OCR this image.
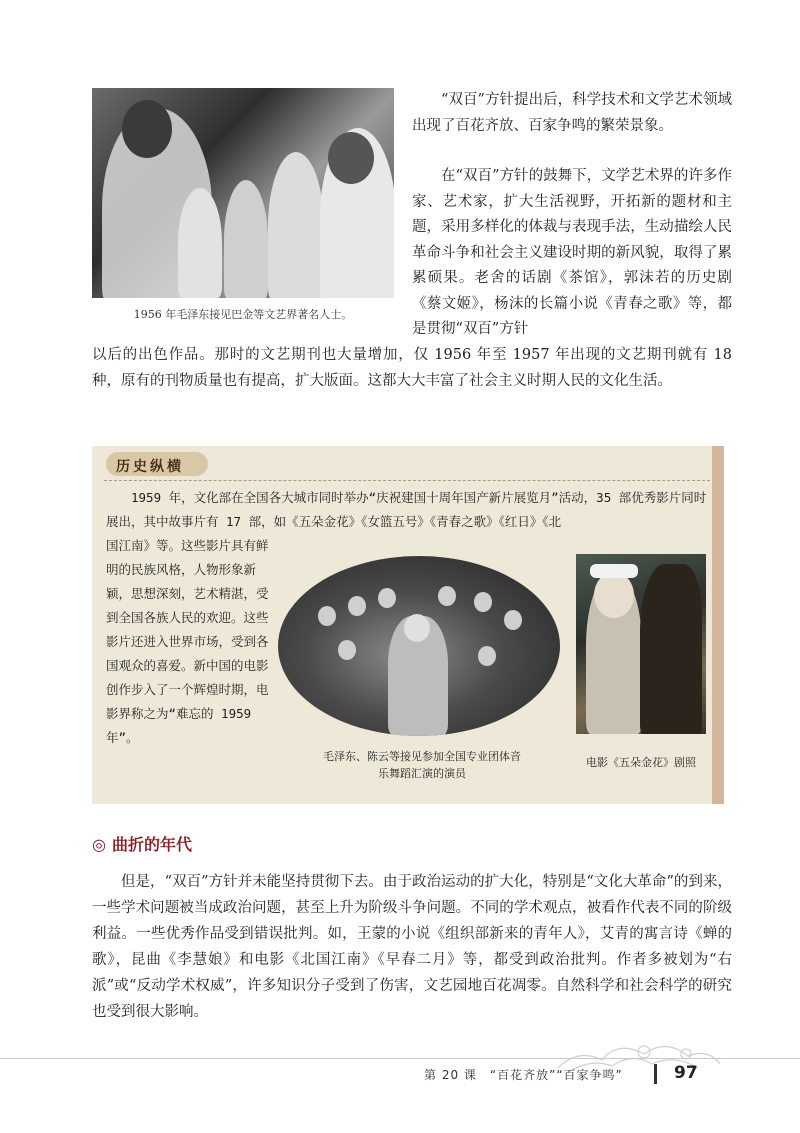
1956 年毛泽东接见巴金等文艺界著名人士。

“双百”方针提出后，科学技术和文学艺术领域出现了百花齐放、百家争鸣的繁荣景象。

在“双百”方针的鼓舞下，文学艺术界的许多作家、艺术家，扩大生活视野，开拓新的题材和主题，采用多样化的体裁与表现手法，生动描绘人民革命斗争和社会主义建设时期的新风貌，取得了累累硕果。老舍的话剧《茶馆》，郭沫若的历史剧《蔡文姬》，杨沫的长篇小说《青春之歌》等，都是贯彻“双百”方针

以后的出色作品。那时的文艺期刊也大量增加，仅 1956 年至 1957 年出现的文艺期刊就有 18 种，原有的刊物质量也有提高，扩大版面。这都大大丰富了社会主义时期人民的文化生活。

历史纵横

1959 年，文化部在全国各大城市同时举办“庆祝建国十周年国产新片展览月”活动，35 部优秀影片同时展出，其中故事片有 17 部，如《五朵金花》《女篮五号》《青春之歌》《红日》《北

国江南》等。这些影片具有鲜明的民族风格，人物形象新颖，思想深刻，艺术精湛，受到全国各族人民的欢迎。这些影片还进入世界市场，受到各国观众的喜爱。新中国的电影创作步入了一个辉煌时期，电影界称之为“难忘的 1959 年”。

毛泽东、陈云等接见参加全国专业团体音乐舞蹈汇演的演员
电影《五朵金花》剧照
◎ 曲折的年代

但是，“双百”方针并未能坚持贯彻下去。由于政治运动的扩大化，特别是“文化大革命”的到来，一些学术问题被当成政治问题，甚至上升为阶级斗争问题。不同的学术观点，被看作代表不同的阶级利益。一些优秀作品受到错误批判。如，王蒙的小说《组织部新来的青年人》，艾青的寓言诗《蝉的歌》，昆曲《李慧娘》和电影《北国江南》《早春二月》等，都受到政治批判。作者多被划为“右派”或“反动学术权威”，许多知识分子受到了伤害，文艺园地百花凋零。自然科学和社会科学的研究也受到很大影响。

第 20 课　“百花齐放”“百家争鸣”	97
